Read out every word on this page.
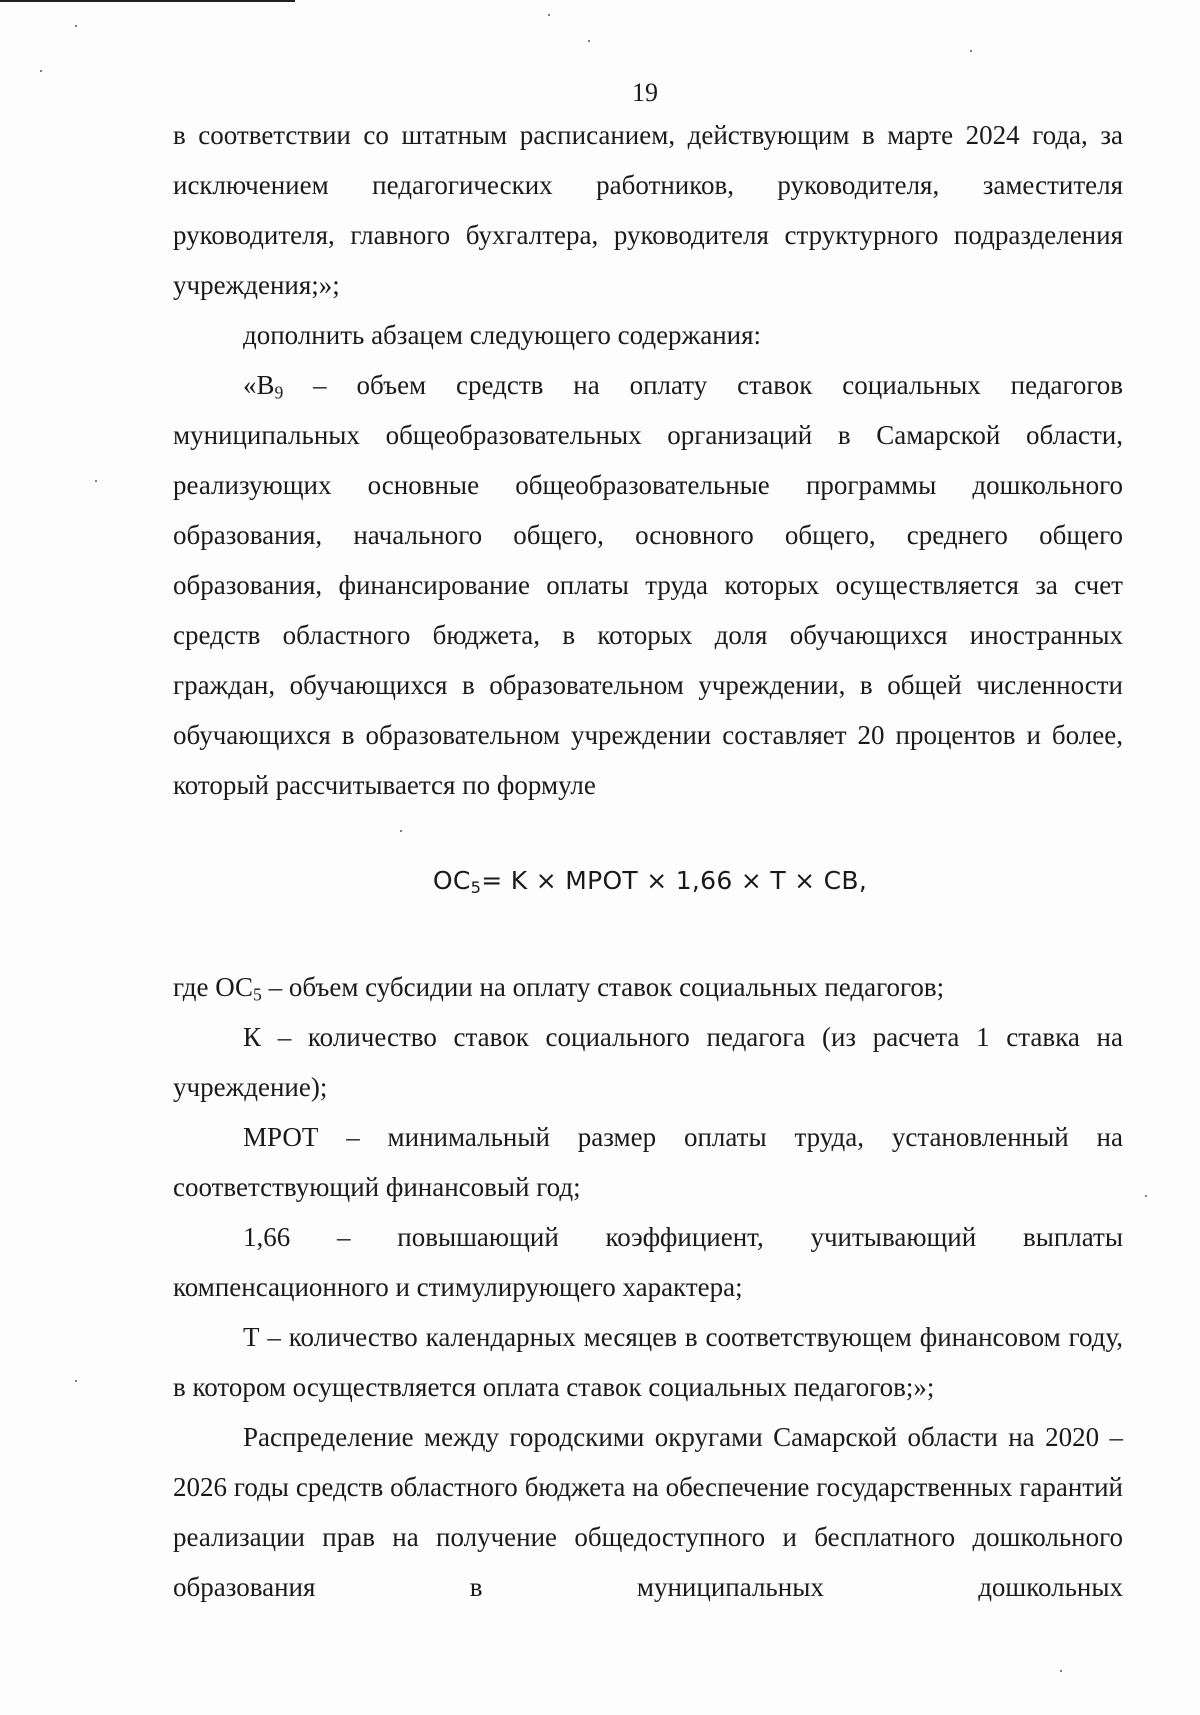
19

в соответствии со штатным расписанием, действующим в марте 2024 года, за исключением педагогических работников, руководителя, заместителя руководителя, главного бухгалтера, руководителя структурного подразделения учреждения;»;

дополнить абзацем следующего содержания:

«$В_9$ – объем средств на оплату ставок социальных педагогов муниципальных общеобразовательных организаций в Самарской области, реализующих основные общеобразовательные программы дошкольного образования, начального общего, основного общего, среднего общего образования, финансирование оплаты труда которых осуществляется за счет средств областного бюджета, в которых доля обучающихся иностранных граждан, обучающихся в образовательном учреждении, в общей численности обучающихся в образовательном учреждении составляет 20 процентов и более, который рассчитывается по формуле

$OC_5= K$ × MPOT × 1,66 × T × CB,

где $ОС_5$ – объем субсидии на оплату ставок социальных педагогов;

К – количество ставок социального педагога (из расчета 1 ставка на учреждение);

МРОТ – минимальный размер оплаты труда, установленный на соответствующий финансовый год;

1,66 – повышающий коэффициент, учитывающий выплаты компенсационного и стимулирующего характера;

Т – количество календарных месяцев в соответствующем финансовом году, в котором осуществляется оплата ставок социальных педагогов;»;

Распределение между городскими округами Самарской области на 2020 – 2026 годы средств областного бюджета на обеспечение государственных гарантий реализации прав на получение общедоступного и бесплатного дошкольного образования в муниципальных дошкольных
